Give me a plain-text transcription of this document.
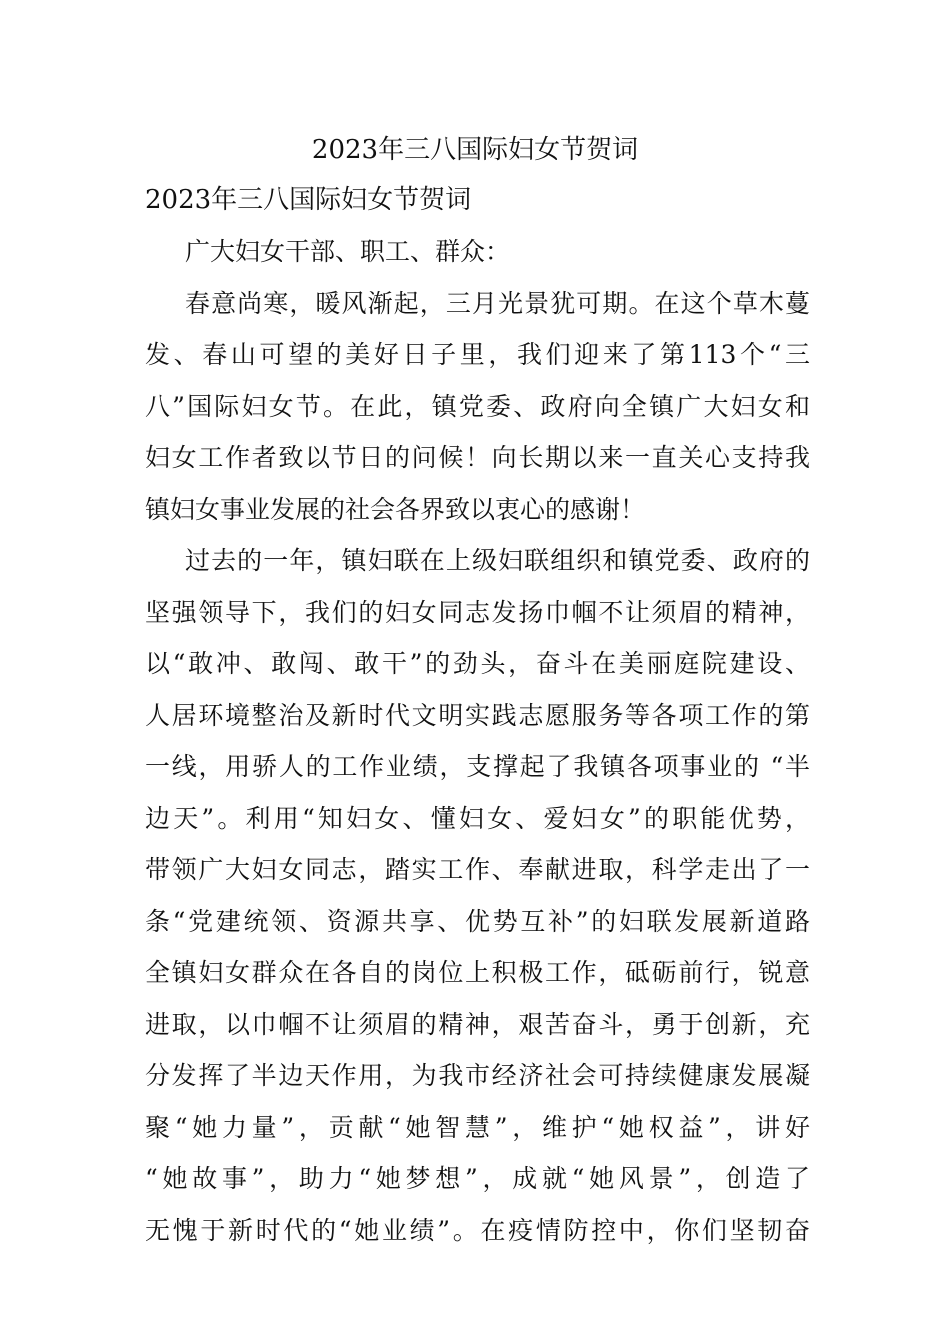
2023年三八国际妇女节贺词
2023年三八国际妇女节贺词
广大妇女干部、职工、群众：
春意尚寒，暖风渐起，三月光景犹可期。在这个草木蔓
发、春山可望的美好日子里，我们迎来了第113个“三
八”国际妇女节。在此，镇党委、政府向全镇广大妇女和
妇女工作者致以节日的问候！向长期以来一直关心支持我
镇妇女事业发展的社会各界致以衷心的感谢！
过去的一年，镇妇联在上级妇联组织和镇党委、政府的
坚强领导下，我们的妇女同志发扬巾帼不让须眉的精神，
以“敢冲、敢闯、敢干”的劲头，奋斗在美丽庭院建设、
人居环境整治及新时代文明实践志愿服务等各项工作的第
一线，用骄人的工作业绩，支撑起了我镇各项事业的 “半
边天”。利用“知妇女、懂妇女、爱妇女”的职能优势，
带领广大妇女同志，踏实工作、奉献进取，科学走出了一
条“党建统领、资源共享、优势互补”的妇联发展新道路
全镇妇女群众在各自的岗位上积极工作，砥砺前行，锐意
进取，以巾帼不让须眉的精神，艰苦奋斗，勇于创新，充
分发挥了半边天作用，为我市经济社会可持续健康发展凝
聚“她力量”，贡献“她智慧”，维护“她权益”，讲好
“她故事”，助力“她梦想”，成就“她风景”，创造了
无愧于新时代的“她业绩”。在疫情防控中，你们坚韧奋
